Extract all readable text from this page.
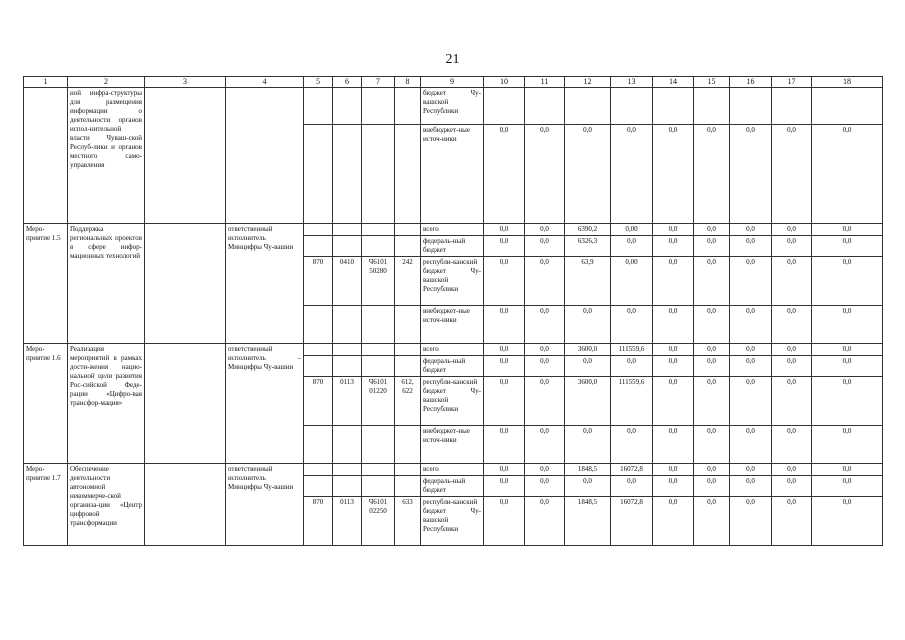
21
1	2	3	4	5	6	7	8	9	10	11	12	13	14	15	16	17	18
	ной инфра-структуры для размещения информации о деятельности органов испол-нительной власти Чуваш-ской Респуб-лики и органов местного само-управления							бюджет Чу-вашской Республики									
								внебюджет-ные источ-ники	0,0	0,0	0,0	0,0	0,0	0,0	0,0	0,0	0,0
Меро-приятие 1.5	Поддержка региональных проектов в сфере инфор-мационных технологий		ответственный исполнитель Минцифры Чу-вашии					всего	0,0	0,0	6390,2	0,00	0,0	0,0	0,0	0,0	0,0
								федераль-ный бюджет	0,0	0,0	6326,3	0,0	0,0	0,0	0,0	0,0	0,0
				870	0410	Ч6101 50280	242	республи-канский бюджет Чу-вашской Республики	0,0	0,0	63,9	0,00	0,0	0,0	0,0	0,0	0,0
								внебюджет-ные источ-ники	0,0	0,0	0,0	0,0	0,0	0,0	0,0	0,0	0,0
Меро-приятие 1.6	Реализация мероприятий в рамках дости-жения нацио-нальной цели развития Рос-сийской Феде-рации «Цифро-вая трансфор-мация»		ответственный исполнитель – Минцифры Чу-вашии					всего	0,0	0,0	3600,0	111559,6	0,0	0,0	0,0	0,0	0,0
								федераль-ный бюджет	0,0	0,0	0,0	0,0	0,0	0,0	0,0	0,0	0,0
				870	0113	Ч6101 01220	612, 622	республи-канский бюджет Чу-вашской Республики	0,0	0,0	3600,0	111559,6	0,0	0,0	0,0	0,0	0,0
								внебюджет-ные источ-ники	0,0	0,0	0,0	0,0	0,0	0,0	0,0	0,0	0,0
Меро-приятие 1.7	Обеспечение деятельности автономной некоммерче-ской организа-ции «Центр цифровой трансформации		ответственный исполнитель Минцифры Чу-вашии					всего	0,0	0,0	1848,5	16072,8	0,0	0,0	0,0	0,0	0,0
								федераль-ный бюджет	0,0	0,0	0,0	0,0	0,0	0,0	0,0	0,0	0,0
				870	0113	Ч6101 02250	633	республи-канский бюджет Чу-вашской Республики	0,0	0,0	1848,5	16072,8	0,0	0,0	0,0	0,0	0,0
